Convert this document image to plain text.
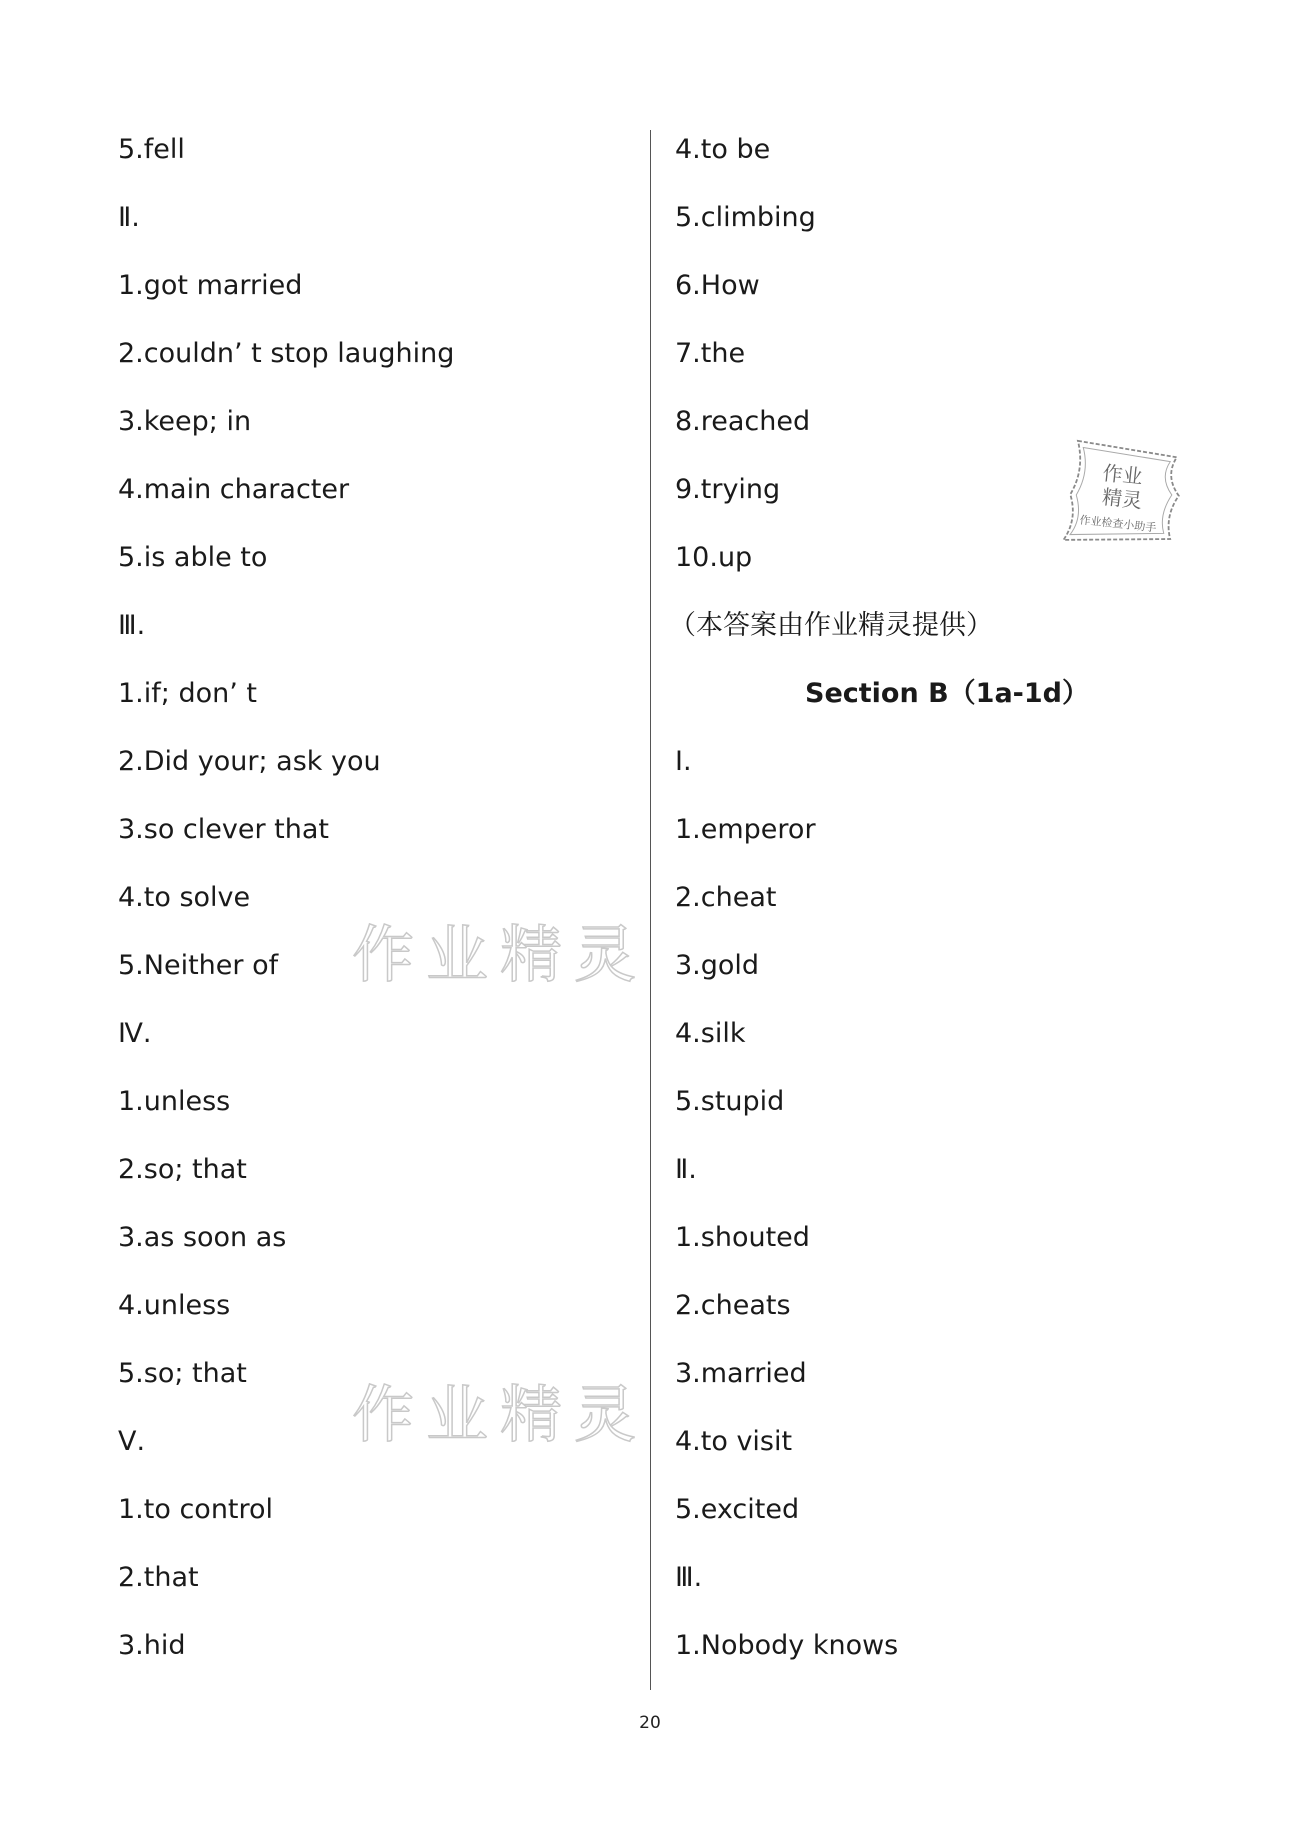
5.fell
Ⅱ.
1.got married
2.couldn’ t stop laughing
3.keep; in
4.main character
5.is able to
Ⅲ.
1.if; don’ t
2.Did your; ask you
3.so clever that
4.to solve
5.Neither of
Ⅳ.
1.unless
2.so; that
3.as soon as
4.unless
5.so; that
Ⅴ.
1.to control
2.that
3.hid
4.to be
5.climbing
6.How
7.the
8.reached
9.trying
10.up
（本答案由作业精灵提供）
Section B（1a-1d）
Ⅰ.
1.emperor
2.cheat
3.gold
4.silk
5.stupid
Ⅱ.
1.shouted
2.cheats
3.married
4.to visit
5.excited
Ⅲ.
1.Nobody knows
作业精灵
作业精灵
作业
精灵
作业检查小助手
20
